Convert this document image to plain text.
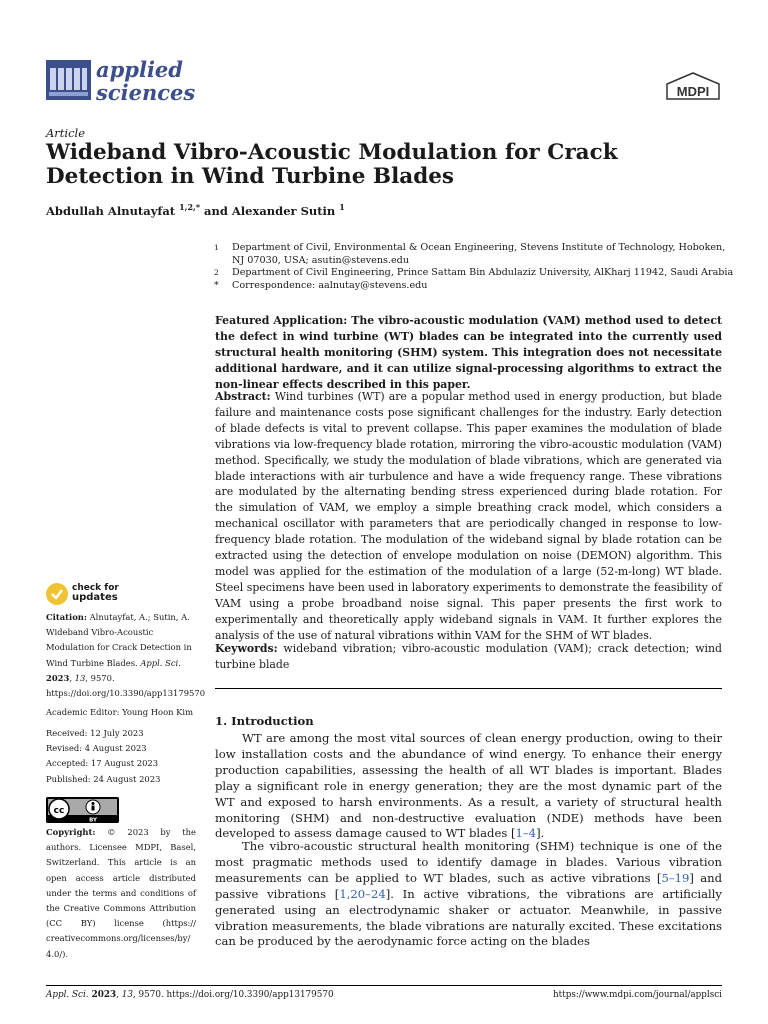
applied
sciences	MDPI
Article
Wideband Vibro-Acoustic Modulation for Crack Detection in Wind Turbine Blades
Abdullah Alnutayfat $^{1,2,*}$ and Alexander Sutin $^1$
1	Department of Civil, Environmental & Ocean Engineering, Stevens Institute of Technology, Hoboken, NJ 07030, USA; asutin@stevens.edu
2	Department of Civil Engineering, Prince Sattam Bin Abdulaziz University, AlKharj 11942, Saudi Arabia
*	Correspondence: aalnutay@stevens.edu
Featured Application: The vibro-acoustic modulation (VAM) method used to detect the defect in wind turbine (WT) blades can be integrated into the currently used structural health monitoring (SHM) system. This integration does not necessitate additional hardware, and it can utilize signal-processing algorithms to extract the non-linear effects described in this paper.
Abstract: Wind turbines (WT) are a popular method used in energy production, but blade failure and maintenance costs pose significant challenges for the industry. Early detection of blade defects is vital to prevent collapse. This paper examines the modulation of blade vibrations via low-frequency blade rotation, mirroring the vibro-acoustic modulation (VAM) method. Specifically, we study the modulation of blade vibrations, which are generated via blade interactions with air turbulence and have a wide frequency range. These vibrations are modulated by the alternating bending stress experienced during blade rotation. For the simulation of VAM, we employ a simple breathing crack model, which considers a mechanical oscillator with parameters that are periodically changed in response to low-frequency blade rotation. The modulation of the wideband signal by blade rotation can be extracted using the detection of envelope modulation on noise (DEMON) algorithm. This model was applied for the estimation of the modulation of a large (52-m-long) WT blade. Steel specimens have been used in laboratory experiments to demonstrate the feasibility of VAM using a probe broadband noise signal. This paper presents the first work to experimentally and theoretically apply wideband signals in VAM. It further explores the analysis of the use of natural vibrations within VAM for the SHM of WT blades.
Keywords: wideband vibration; vibro-acoustic modulation (VAM); crack detection; wind turbine blade
1. Introduction
WT are among the most vital sources of clean energy production, owing to their low installation costs and the abundance of wind energy. To enhance their energy production capabilities, assessing the health of all WT blades is important. Blades play a significant role in energy generation; they are the most dynamic part of the WT and exposed to harsh environments. As a result, a variety of structural health monitoring (SHM) and non-destructive evaluation (NDE) methods have been developed to assess damage caused to WT blades [1–4].
The vibro-acoustic structural health monitoring (SHM) technique is one of the most pragmatic methods used to identify damage in blades. Various vibration measurements can be applied to WT blades, such as active vibrations [5–19] and passive vibrations [1,20–24]. In active vibrations, the vibrations are artificially generated using an electrodynamic shaker or actuator. Meanwhile, in passive vibration measurements, the blade vibrations are naturally excited. These excitations can be produced by the aerodynamic force acting on the blades
check for
updates
Citation: Alnutayfat, A.; Sutin, A. Wideband Vibro-Acoustic Modulation for Crack Detection in Wind Turbine Blades. Appl. Sci. 2023, 13, 9570. https://doi.org/10.3390/app13179570
Academic Editor: Young Hoon Kim
Received: 12 July 2023
Revised: 4 August 2023
Accepted: 17 August 2023
Published: 24 August 2023
cc
BY
Copyright: © 2023 by the authors. Licensee MDPI, Basel, Switzerland. This article is an open access article distributed under the terms and conditions of the Creative Commons Attribution (CC BY) license (https:// creativecommons.org/licenses/by/ 4.0/).
Appl. Sci. 2023, 13, 9570. https://doi.org/10.3390/app13179570	https://www.mdpi.com/journal/applsci
